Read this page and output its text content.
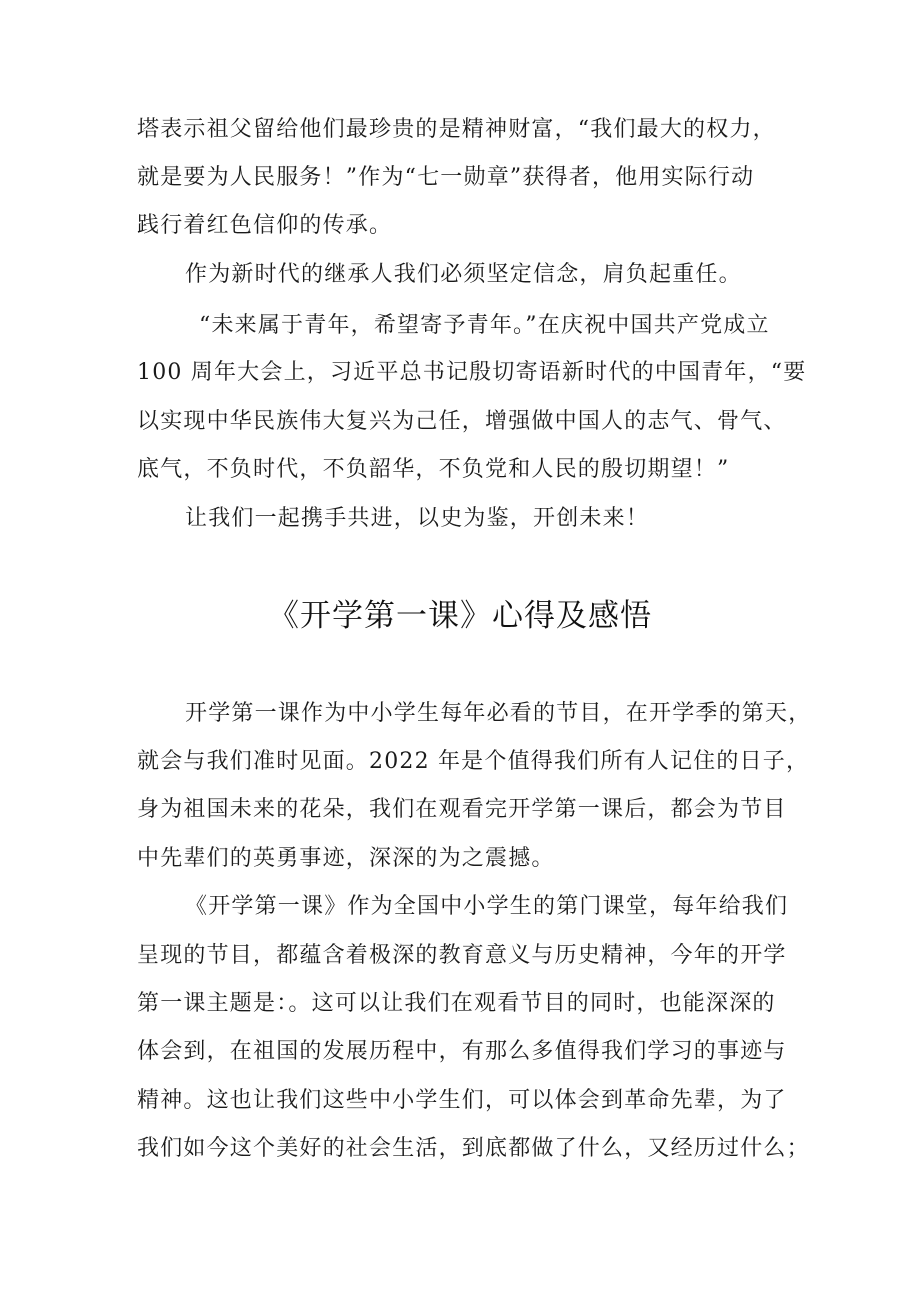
塔表示祖父留给他们最珍贵的是精神财富，“我们最大的权力，
就是要为人民服务！”作为“七一勋章”获得者，他用实际行动
践行着红色信仰的传承。
作为新时代的继承人我们必须坚定信念，肩负起重任。
“未来属于青年，希望寄予青年。”在庆祝中国共产党成立
100 周年大会上，习近平总书记殷切寄语新时代的中国青年，“要
以实现中华民族伟大复兴为己任，增强做中国人的志气、骨气、
底气，不负时代，不负韶华，不负党和人民的殷切期望！”
让我们一起携手共进，以史为鉴，开创未来！
《开学第一课》心得及感悟
开学第一课作为中小学生每年必看的节目，在开学季的第天，
就会与我们准时见面。2022 年是个值得我们所有人记住的日子，
身为祖国未来的花朵，我们在观看完开学第一课后，都会为节目
中先辈们的英勇事迹，深深的为之震撼。
《开学第一课》作为全国中小学生的第门课堂，每年给我们
呈现的节目，都蕴含着极深的教育意义与历史精神，今年的开学
第一课主题是：。这可以让我们在观看节目的同时，也能深深的
体会到，在祖国的发展历程中，有那么多值得我们学习的事迹与
精神。这也让我们这些中小学生们，可以体会到革命先辈，为了
我们如今这个美好的社会生活，到底都做了什么，又经历过什么；
